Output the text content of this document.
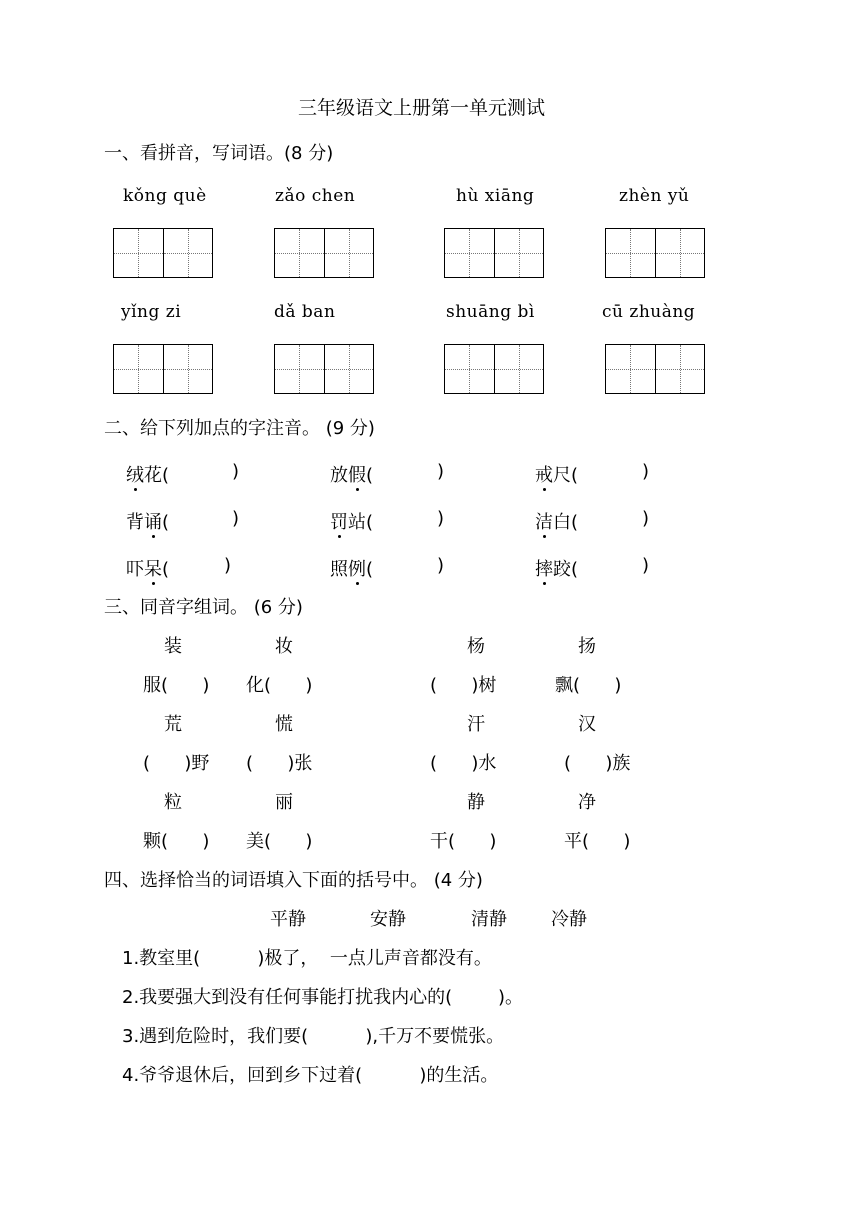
三年级语文上册第一单元测试
一、看拼音，写词语。(8 分)
kǒng què	zǎo chen	hù xiāng	zhèn yǔ
yǐng zi	dǎ ban	shuāng bì	cū zhuàng
二、给下列加点的字注音。 (9 分)
绒花(	)	放假(	)	戒尺(	)
背诵(	)	罚站(	)	洁白(	)
吓呆(	)	照例(	)	摔跤(	)
三、同音字组词。 (6 分)
装	妆	杨	扬
服(      ) 化(      )	(      )树	飘(      )
荒	慌	汗	汉
(      )野 (      )张	(      )水	(      )族
粒	丽	静	净
颗(      ) 美(      )	干(      )	平(      )
四、选择恰当的词语填入下面的括号中。 (4 分)
平静	安静	清静 冷静
1.教室里(          )极了，  一点儿声音都没有。
2.我要强大到没有任何事能打扰我内心的(        )。
3.遇到危险时，我们要(          ),千万不要慌张。
4.爷爷退休后，回到乡下过着(          )的生活。
